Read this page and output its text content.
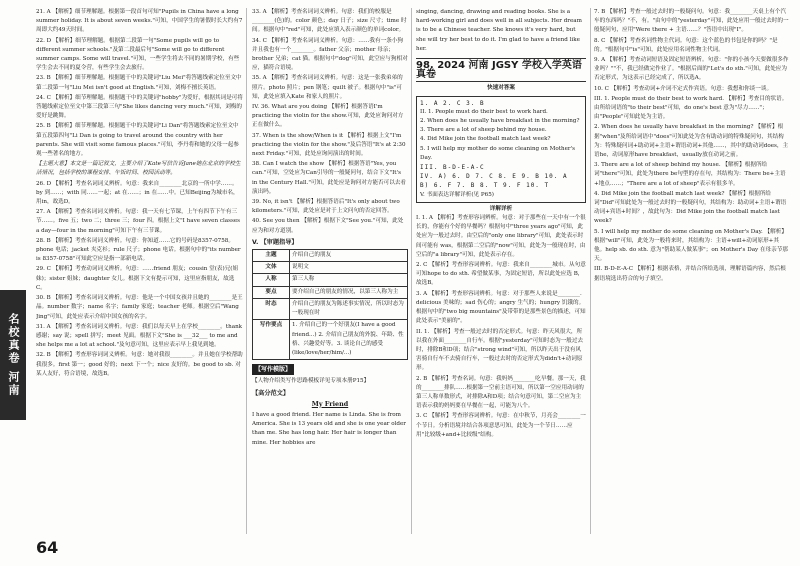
名校真卷 河南

21. A 【解析】细节理解题。根据第一段首句可知"Pupils in China have a long summer holiday. It is about seven weeks."可知，中国学生的暑假时长大约有7周即大约49天时间。

22. D 【解析】细节理解题。根据第二段第一句"Some pupils will go to different summer schools."及第二段最后句"Some will go to different summer camps. Some will travel."可知，一些学生将去不同的暑期学校，有些学生会去不同的夏令营，有些学生会去旅行。

23. B 【解析】细节理解题。根据题干中的关键词"Liu Mei"将答题线索定位至文中第二段第一句"Liu Mei isn't good at English."可知，刘梅不擅长英语。

24. C 【解析】细节理解题。根据题干中的关键词"hobby"为爱好，根据其词是可将答题线索定位至文中第三段第三句"She likes dancing very much."可知，刘梅的爱好是跳舞。

25. B 【解析】细节理解题。根据题干中的关键词"Li Dan"将答题线索定位至文中第五段第四句"Li Dan is going to travel around the country with her parents. She will visit some famous places."可知，李丹将和她的父母一起参观一些著名的地方。

【主题大意】本文是一篇记叙文，主要介绍了Kate写信告诉Jane她在北京的学校生活情况，包括学校的课程安排、午饭时间、校园活动等。

26. D 【解析】考查名词词义辨析。句意：我来自________北京的一所中学……。by 到……；with 同……一起；at 在……；in 在……中。已知Beijing为城市名，用in，故选D。

27. A 【解析】考查名词词义辨析。句意：我一天有七节课，上午有四节下午有三节……。five 五；two 二；three 三；four 四。根据上文"I have seven classes a day—four in the morning"可知下午有三节课。

28. B 【解析】考查名词词义辨析。句意：你知道……它的号码是8357-0758。phone 电话；jacket 夹克衫；rule 尺子；phone 电话。根据句中的"its number is 8357-0758"可知此空应是指一部新电话。

29. C 【解析】考查动词词义辨析。句意：……friend 朋友；cousin 堂(表)兄(姐妹)；sister 姐妹；daughter 女儿。根据下文有提示可知，这里应指朋友，故选C。

30. B 【解析】考查名词词义辨析。句意：他是一个中国女孩并且她的________是王晶。number 数字；name 名字；family 家庭；teacher 老师。根据空后"Wang Jing"可知，此处应表示介绍中国女孩的名字。

31. A 【解析】考查名词词义辨析。句意：我们以每天早上在学校________。thank 感谢；say 说；spell 拼写；meet 见面。根据下文"She is ___32___ to me and she helps me a lot at school."及句意可知，这里应表示早上我见到她。

32. B 【解析】考查形容词词义辨析。句意：她对我很________。并且她在学校帮助我很多。first 第一；good 好的；next 下一个；nice 友好的。be good to sb. 对某人友好，符合语境，故选B。

33. A 【解析】考查名词词义辨析。句意：我们的校服是________(色)的。color 颜色；day 日子；size 尺寸；time 时间。根据句中"red"可知，此处应填入表示颜色的单词color。

34. C 【解析】考查名词词义辨析。句意：……我有一条小狗并且我也有一个________。father 父亲；mother 母亲；brother 兄弟；cat 猫。根据句中"dog"可知，此空应与狗相对应，猫符合语境。

35. A 【解析】考查名词词义辨析。句意：这是一张我弟弟的照片。photo 照片；pen 钢笔；quilt 被子。根据句中"is"可知，此处应填入Kate 和家人的照片。

IV. 36. What are you doing 【解析】根据答语I'm practicing the violin for the show.可知，此处应询问对方正在做什么。

37. When is the show/When is it 【解析】根据上文"I'm practicing the violin for the show."及后答语"It's at 2:30 next Friday."可知，此处应询问演出的时间。

38. Can I watch the show 【解析】根据答语"Yes, you can."可知，空处应为Can引导的一般疑问句，结合下文"It's in the Century Hall."可知，此处应是询问对方能否可以去看演出吗。

39. No, it isn't 【解析】根据答语后"It's only about two kilometers."可知，此处应是对于上文问句的否定回答。

40. See you then 【解析】根据下文"See you."可知，此处应为和对方道别。

V. 【审题指导】

主题	介绍自己的朋友
文体	说明文
人称	第三人称
要点	要介绍自己的朋友的情况，以第三人称为主
时态	介绍自己的朋友为陈述事实情况，所以时态为一般现在时
写作要点	1. 介绍自己的一个好朋友(I have a good friend...) 2. 介绍自己朋友的外貌、年龄、性格、兴趣爱好等。3. 谈论自己的感受(like/love/her/him/...)
【写作模版】

【人物介绍类写作思路模板详见专项本册P15】

【高分范文】

My Friend

I have a good friend. Her name is Linda. She is from America. She is 13 years old and she is one year older than me. She has long hair. Her hair is longer than mine. Her hobbies are

singing, dancing, drawing and reading books. She is a hard-working girl and does well in all subjects. Her dream is to be a Chinese teacher. She knows it's very hard, but she will try her best to do it. I'm glad to have a friend like her.

98. 2024 河南 JGSY 学校入学英语真卷
快速对答案
1. A 2. C 3. B
II. 1. People must do their best to work hard.
2. When does he usually have breakfast in the morning?
3. There are a lot of sheep behind my house.
4. Did Mike join the football match last week?
5. I will help my mother do some cleaning on Mother's Day.
III. B-D-E-A-C
IV. A) 6. D 7. C 8. E 9. B 10. A
B) 6. F 7. B 8. T 9. F 10. T
V. 书面表达详解详析(见 P65)
详解详析

I. 1. A 【解析】考查形容词辨析。句意：对于那些在一天中有一个很长的，你能有个好的早餐吗？根据句中"three years ago"可知，此处应为一般过去时。由空后的"only one library"可知，此处表示时间可能有 was，根据第二空后的"now"可知，此处为一般现在时，由空后的"a library"可知，此处表示存在。

2. C 【解析】考查形容词辨析。句意：我来自________城市。从句意可知hope to do sth. 希望做某事，为固定短语，所以此处应选 B，故选B。

3. A 【解析】考查形容词辨析。句意：对于那些人来说是________. delicious 美味的；sad 伤心的；angry 生气的；hungry 饥饿的。根据句中的"two big mountains"及带带的是那些景色的描述，可知此处表示"美丽的"。

II. 1. 【解析】考查一般过去时的否定形式。句意：昨天风很大，所以我在外面________自行车。根据"yesterday"可知时态为一般过去时，排除B和D项；结合"strong wind"可知，所以昨天出于没有风害骑自行车不去骑自行车，一般过去时的否定形式为didn't+动词原形。

2. B 【解析】考查名词。句意：我妈妈________吃早餐。那一天，我的________排队……根据第一空前主语可知，所以第一空应用动词的第三人称单数形式，对排除A和D项；结合句意可知，第二空应为主语表示我的妈妈要在早餐在一起，可能为八个。

3. C 【解析】考查形容词辨析。句意：在中秋节，月亮会________一个节日。分析语境并结合各项意思可知，此处为一个节日……应用"比较级+and+比较级"结构。

7. B 【解析】考查一般过去时的一般疑问句。句意：我________天桌上有个汽车的东西吗？"不，有。"由句中的"yesterday"可知，此处应用一般过去时的一般疑问句，应用"Were there + 主语……？"答语中出现"I"。

8. C 【解析】考查名词性物主代词。句意：这个蓝色的书包是你的吗？"是的。"根据句中"is"可知，此处应用名词性物主代词。

9. A 【解析】考查动词短语及固定短语辨析。句意："你的小孩今天要做很多作业吗？""不，我已经做完作业了。"根据后面的"Let's do sth."可知，此处应为否定形式，为这表示已经完成了，所以选A。

10. C 【解析】考查动词+介词不定式作宾语。句意：我想和你谈一谈。

III. 1. People must do their best to work hard. 【解析】考查目的状语。由所给词语的"to their best"可知，do one's best 意为"尽力……"；由"People"可知此处为主语。

2. When does he usually have breakfast in the morning? 【解析】根据"when"及所给词语中"does"可知此处为含有助动词的特殊疑问句，其结构为：特殊疑问词+助动词+主语+谓语动词+其他……，其中的助动词does，主语he，动词原形have breakfast，usually放在动词之前。

3. There are a lot of sheep behind my house. 【解析】根据所给词"there"可知，此处为there be句型的存在句，其结构为：There be+主语+地点……；"There are a lot of sheep"表示有很多羊。

4. Did Mike join the football match last week? 【解析】根据所给词"Did"可知此处为一般过去时的一般疑问句，其结构为：助动词+主语+谓语动词+宾语+时间？，故此句为：Did Mike join the football match last week?

5. I will help my mother do some cleaning on Mother's Day. 【解析】根据"will"可知，此处为一般将来时，其结构为：主语+will+动词原形+其他。help sb. do sth. 意为"帮助某人做某事"；on Mother's Day 在母亲节那天。

III. B-D-E-A-C 【解析】根据表格，并结合所给选项，理解语篇内容，然后根据语境选出符合的句子填空。

64
